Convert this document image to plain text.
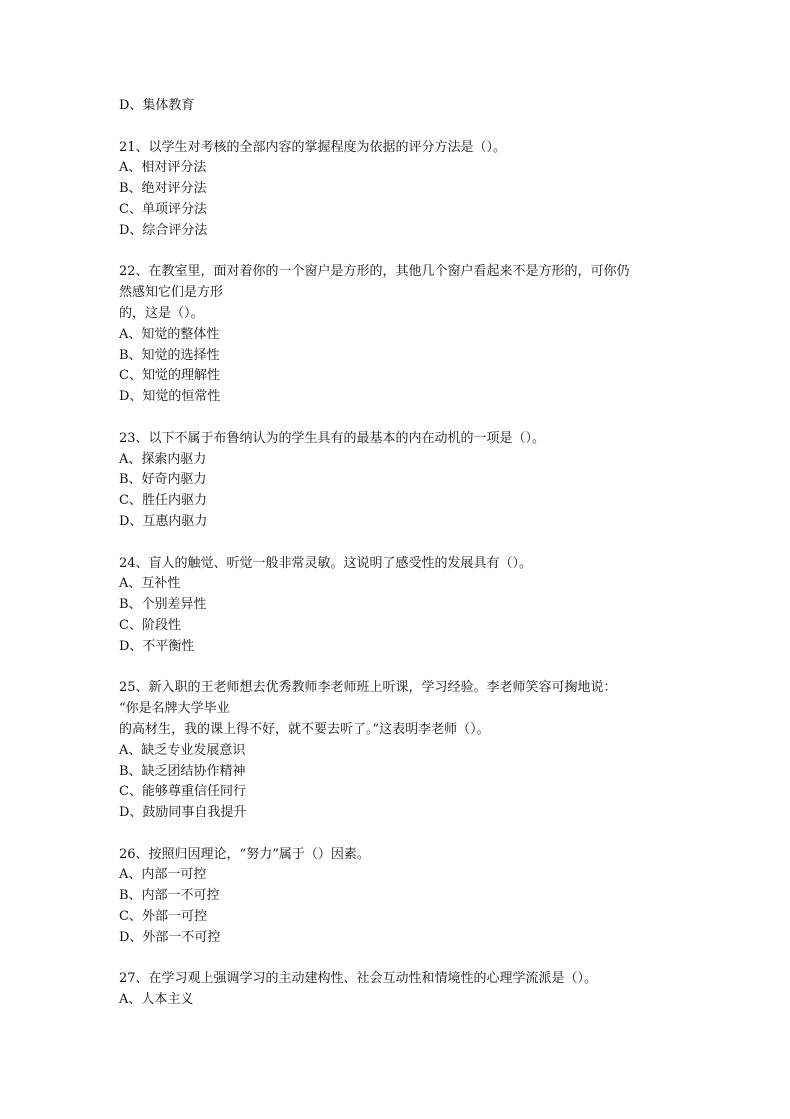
D、集体教育
21、以学生对考核的全部内容的掌握程度为依据的评分方法是（）。
A、相对评分法
B、绝对评分法
C、单项评分法
D、综合评分法
22、在教室里，面对着你的一个窗户是方形的，其他几个窗户看起来不是方形的，可你仍
然感知它们是方形
的，这是（）。
A、知觉的整体性
B、知觉的选择性
C、知觉的理解性
D、知觉的恒常性
23、以下不属于布鲁纳认为的学生具有的最基本的内在动机的一项是（）。
A、探索内驱力
B、好奇内驱力
C、胜任内驱力
D、互惠内驱力
24、盲人的触觉、听觉一般非常灵敏。这说明了感受性的发展具有（）。
A、互补性
B、个别差异性
C、阶段性
D、不平衡性
25、新入职的王老师想去优秀教师李老师班上听课，学习经验。李老师笑容可掬地说：
“你是名牌大学毕业
的高材生，我的课上得不好，就不要去听了。”这表明李老师（）。
A、缺乏专业发展意识
B、缺乏团结协作精神
C、能够尊重信任同行
D、鼓励同事自我提升
26、按照归因理论，“努力”属于（）因素。
A、内部一可控
B、内部一不可控
C、外部一可控
D、外部一不可控
27、在学习观上强调学习的主动建构性、社会互动性和情境性的心理学流派是（）。
A、人本主义
